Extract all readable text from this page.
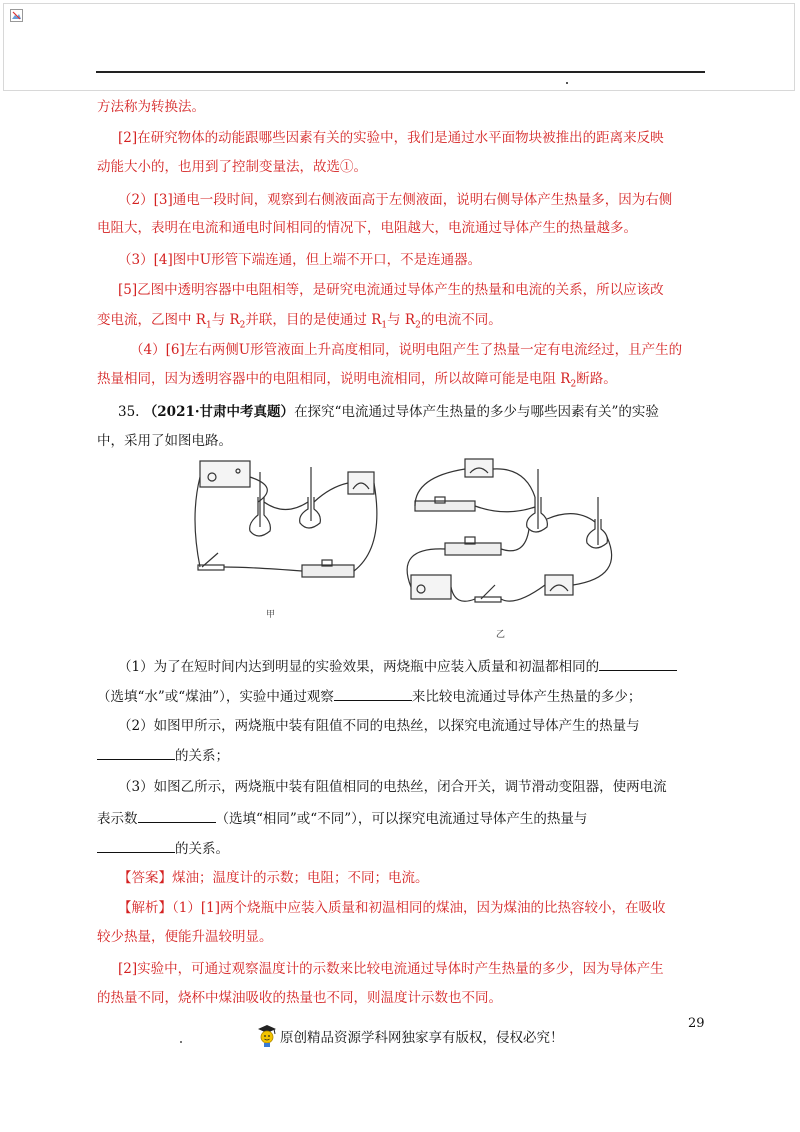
方法称为转换法。

[2]在研究物体的动能跟哪些因素有关的实验中，我们是通过水平面物块被推出的距离来反映

动能大小的，也用到了控制变量法，故选①。

（2）[3]通电一段时间，观察到右侧液面高于左侧液面，说明右侧导体产生热量多，因为右侧

电阻大，表明在电流和通电时间相同的情况下，电阻越大，电流通过导体产生的热量越多。

（3）[4]图中U形管下端连通，但上端不开口，不是连通器。

[5]乙图中透明容器中电阻相等，是研究电流通过导体产生的热量和电流的关系，所以应该改

变电流，乙图中 $R_1$与 $R_2$并联，目的是使通过 $R_1$与 $R_2$的电流不同。

（4）[6]左右两侧U形管液面上升高度相同，说明电阻产生了热量一定有电流经过，且产生的

热量相同，因为透明容器中的电阻相同，说明电流相同，所以故障可能是电阻 $R_2$断路。

35. （2021·甘肃中考真题）在探究“电流通过导体产生热量的多少与哪些因素有关”的实验

中，采用了如图电路。

甲
乙

（1）为了在短时间内达到明显的实验效果，两烧瓶中应装入质量和初温都相同的

（选填“水”或“煤油”），实验中通过观察	来比较电流通过导体产生热量的多少；

（2）如图甲所示，两烧瓶中装有阻值不同的电热丝，以探究电流通过导体产生的热量与

的关系；

（3）如图乙所示，两烧瓶中装有阻值相同的电热丝，闭合开关，调节滑动变阻器，使两电流

表示数	（选填“相同”或“不同”），可以探究电流通过导体产生的热量与

的关系。

【答案】煤油；温度计的示数；电阻；不同；电流。

【解析】（1）[1]两个烧瓶中应装入质量和初温相同的煤油，因为煤油的比热容较小，在吸收

较少热量，便能升温较明显。

[2]实验中，可通过观察温度计的示数来比较电流通过导体时产生热量的多少，因为导体产生

的热量不同，烧杯中煤油吸收的热量也不同，则温度计示数也不同。

29
原创精品资源学科网独家享有版权，侵权必究！
